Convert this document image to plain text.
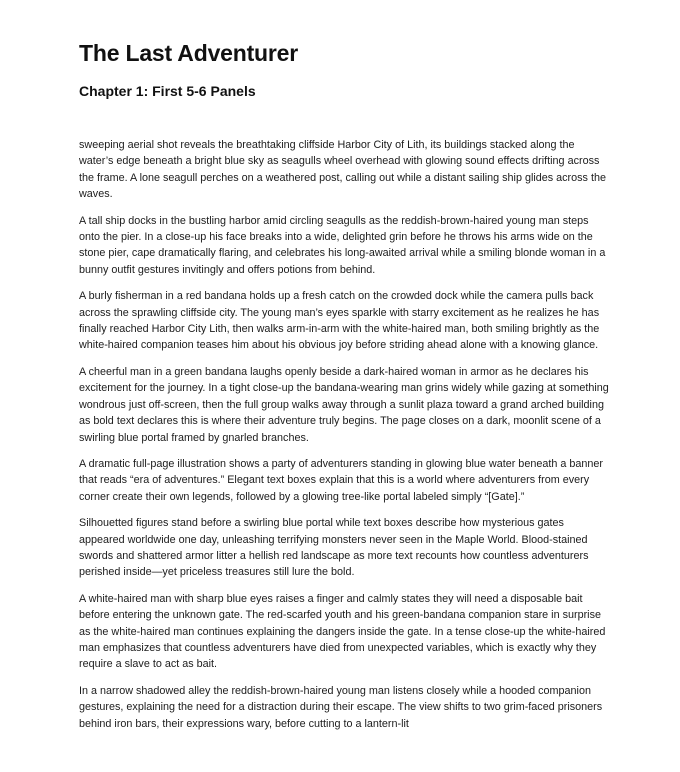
The Last Adventurer
Chapter 1: First 5-6 Panels

sweeping aerial shot reveals the breathtaking cliffside Harbor City of Lith, its buildings stacked along the water’s edge beneath a bright blue sky as seagulls wheel overhead with glowing sound effects drifting across the frame. A lone seagull perches on a weathered post, calling out while a distant sailing ship glides across the waves.

A tall ship docks in the bustling harbor amid circling seagulls as the reddish-brown-haired young man steps onto the pier. In a close-up his face breaks into a wide, delighted grin before he throws his arms wide on the stone pier, cape dramatically flaring, and celebrates his long-awaited arrival while a smiling blonde woman in a bunny outfit gestures invitingly and offers potions from behind.

A burly fisherman in a red bandana holds up a fresh catch on the crowded dock while the camera pulls back across the sprawling cliffside city. The young man’s eyes sparkle with starry excitement as he realizes he has finally reached Harbor City Lith, then walks arm-in-arm with the white-haired man, both smiling brightly as the white-haired companion teases him about his obvious joy before striding ahead alone with a knowing glance.

A cheerful man in a green bandana laughs openly beside a dark-haired woman in armor as he declares his excitement for the journey. In a tight close-up the bandana-wearing man grins widely while gazing at something wondrous just off-screen, then the full group walks away through a sunlit plaza toward a grand arched building as bold text declares this is where their adventure truly begins. The page closes on a dark, moonlit scene of a swirling blue portal framed by gnarled branches.

A dramatic full-page illustration shows a party of adventurers standing in glowing blue water beneath a banner that reads “era of adventures.” Elegant text boxes explain that this is a world where adventurers from every corner create their own legends, followed by a glowing tree-like portal labeled simply “[Gate].”

Silhouetted figures stand before a swirling blue portal while text boxes describe how mysterious gates appeared worldwide one day, unleashing terrifying monsters never seen in the Maple World. Blood-stained swords and shattered armor litter a hellish red landscape as more text recounts how countless adventurers perished inside—yet priceless treasures still lure the bold.

A white-haired man with sharp blue eyes raises a finger and calmly states they will need a disposable bait before entering the unknown gate. The red-scarfed youth and his green-bandana companion stare in surprise as the white-haired man continues explaining the dangers inside the gate. In a tense close-up the white-haired man emphasizes that countless adventurers have died from unexpected variables, which is exactly why they require a slave to act as bait.

In a narrow shadowed alley the reddish-brown-haired young man listens closely while a hooded companion gestures, explaining the need for a distraction during their escape. The view shifts to two grim-faced prisoners behind iron bars, their expressions wary, before cutting to a lantern-lit
